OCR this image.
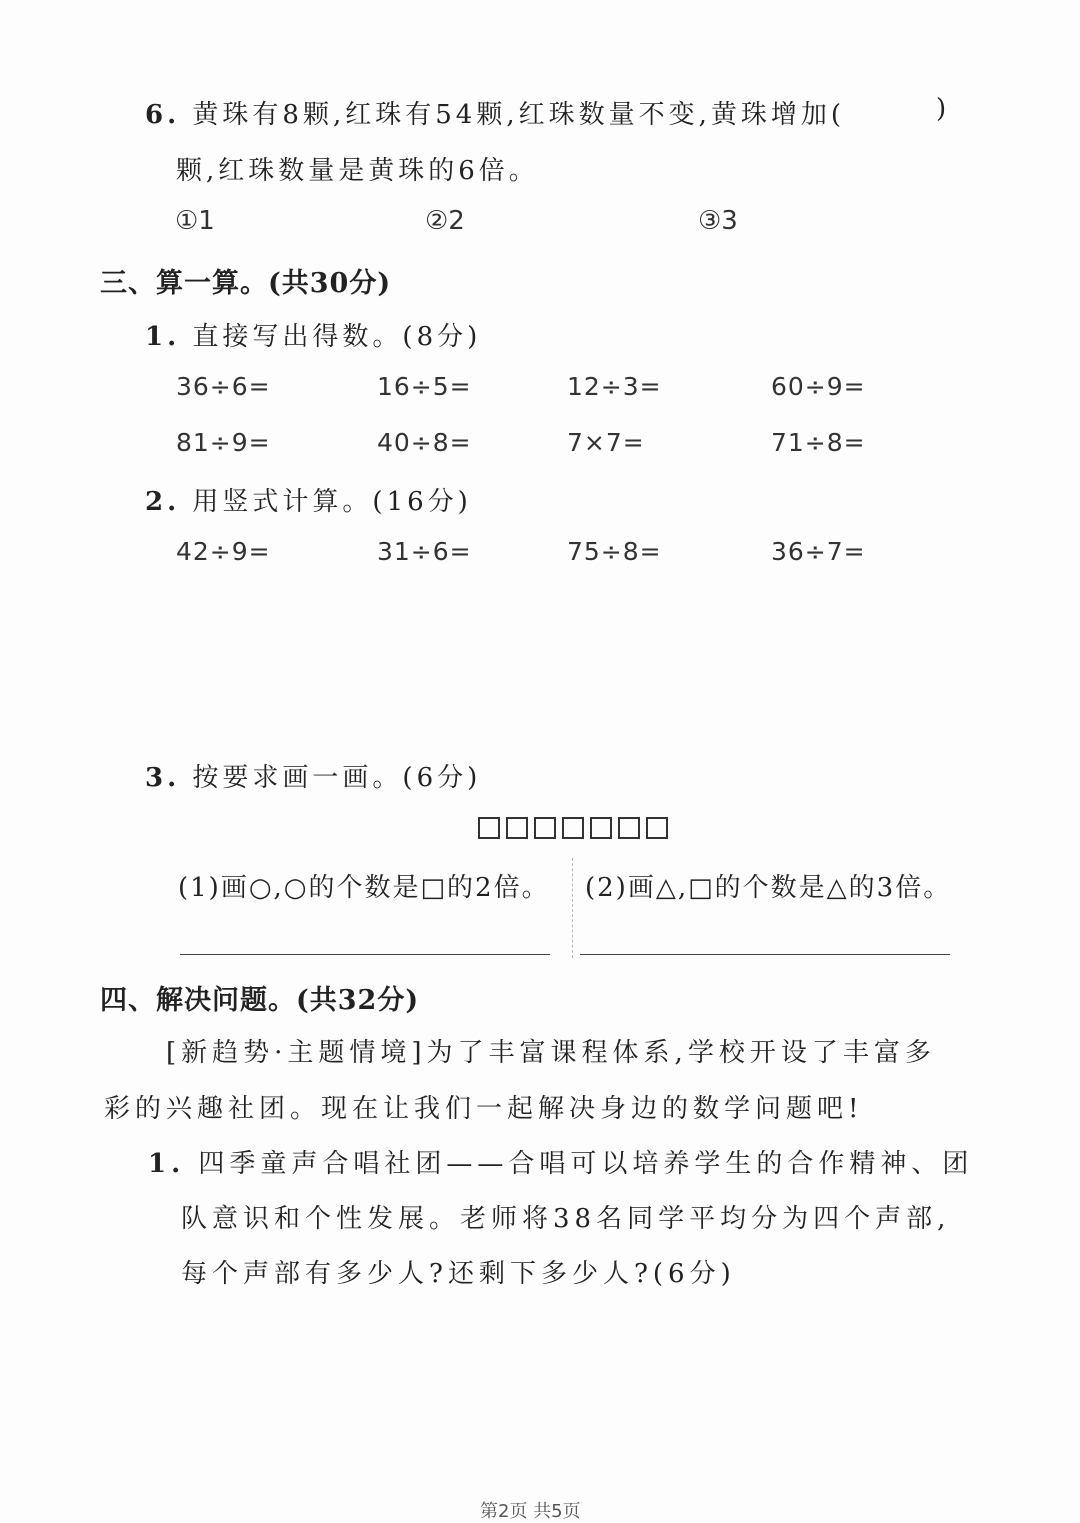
6. 黄珠有8颗,红珠有54颗,红珠数量不变,黄珠增加(	)
颗,红珠数量是黄珠的6倍。
①1	②2	③3
三、算一算。(共30分)
1. 直接写出得数。(8分)
36÷6=	16÷5=	12÷3=	60÷9=
81÷9=	40÷8=	7×7=	71÷8=
2. 用竖式计算。(16分)
42÷9=	31÷6=	75÷8=	36÷7=
3. 按要求画一画。(6分)
(1)画○,○的个数是□的2倍。 (2)画△,□的个数是△的3倍。
四、解决问题。(共32分)
[新趋势·主题情境]为了丰富课程体系,学校开设了丰富多
彩的兴趣社团。现在让我们一起解决身边的数学问题吧!
1. 四季童声合唱社团——合唱可以培养学生的合作精神、团
队意识和个性发展。老师将38名同学平均分为四个声部,
每个声部有多少人?还剩下多少人?(6分)
第2页 共5页
